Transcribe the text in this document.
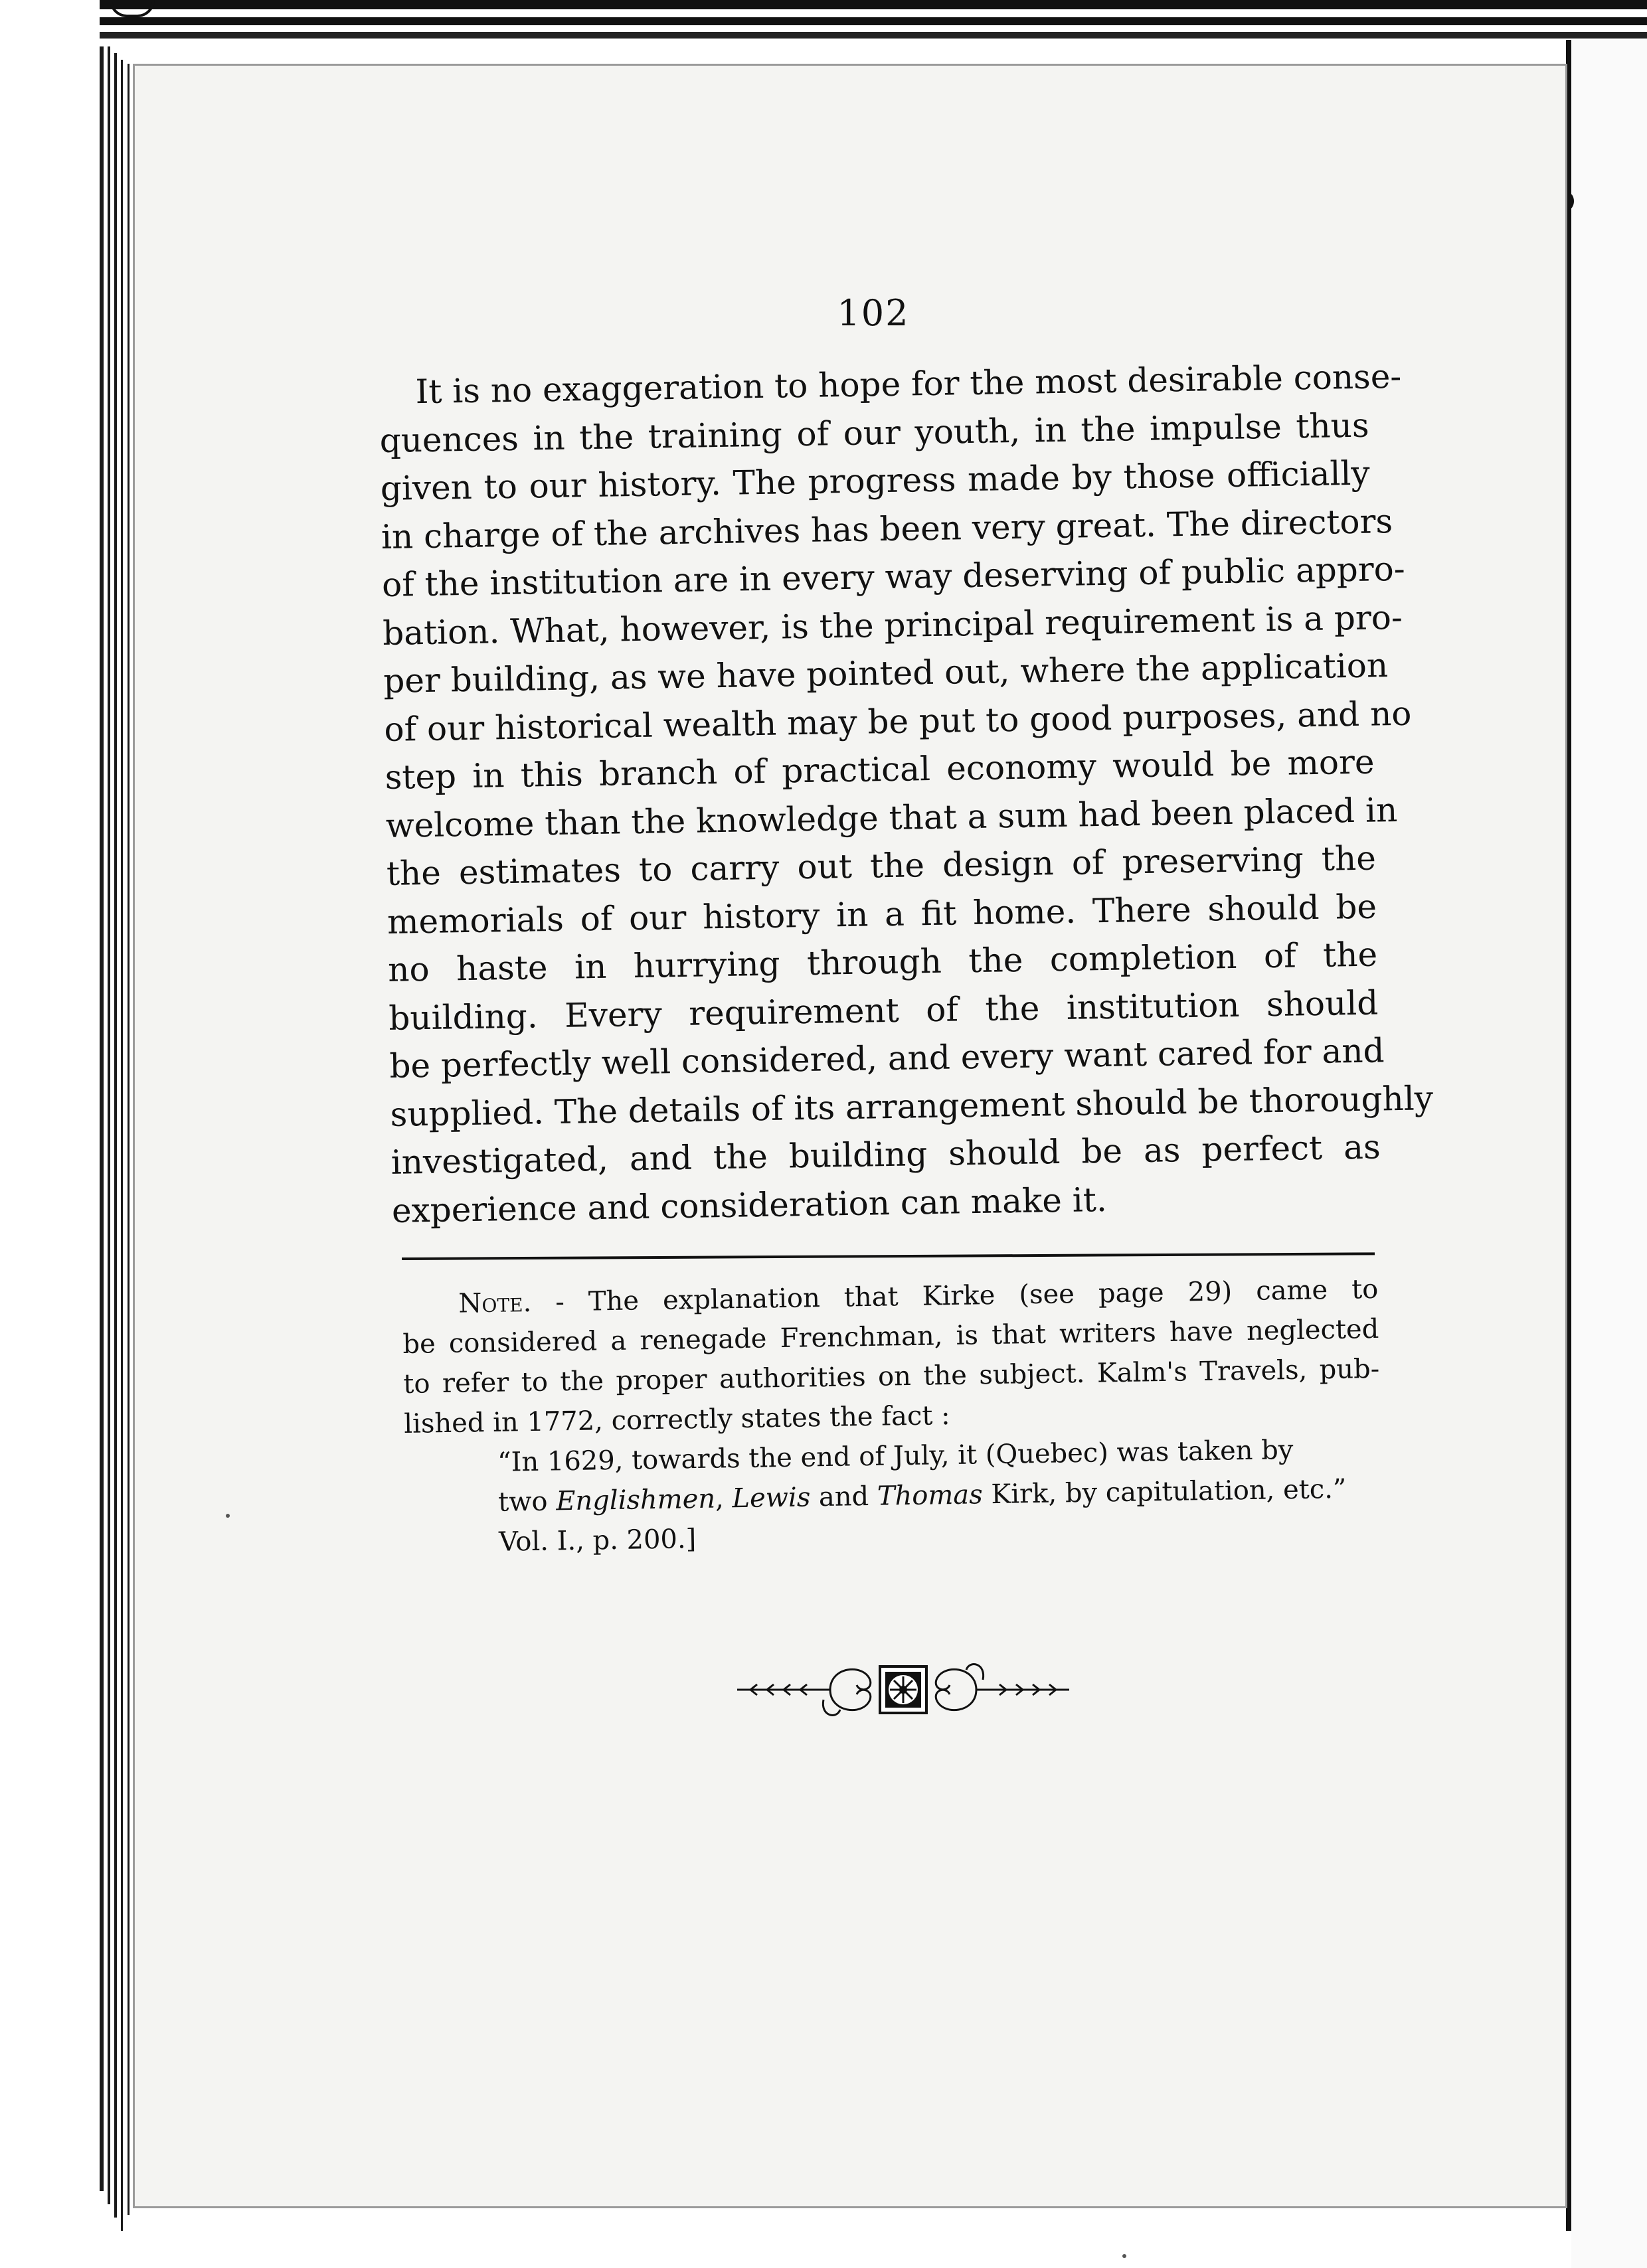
102
It is no exaggeration to hope for the most desirable conse-
quences in the training of our youth, in the impulse thus
given to our history. The progress made by those officially
in charge of the archives has been very great. The directors
of the institution are in every way deserving of public appro-
bation. What, however, is the principal requirement is a pro-
per building, as we have pointed out, where the application
of our historical wealth may be put to good purposes, and no
step in this branch of practical economy would be more
welcome than the knowledge that a sum had been placed in
the estimates to carry out the design of preserving the
memorials of our history in a fit home. There should be
no haste in hurrying through the completion of the
building. Every requirement of the institution should
be perfectly well considered, and every want cared for and
supplied. The details of its arrangement should be thoroughly
investigated, and the building should be as perfect as
experience and consideration can make it.
Note. - The explanation that Kirke (see page 29) came to
be considered a renegade Frenchman, is that writers have neglected
to refer to the proper authorities on the subject. Kalm's Travels, pub-
lished in 1772, correctly states the fact :
“In 1629, towards the end of July, it (Quebec) was taken by
two Englishmen, Lewis and Thomas Kirk, by capitulation, etc.”
Vol. I., p. 200.]
